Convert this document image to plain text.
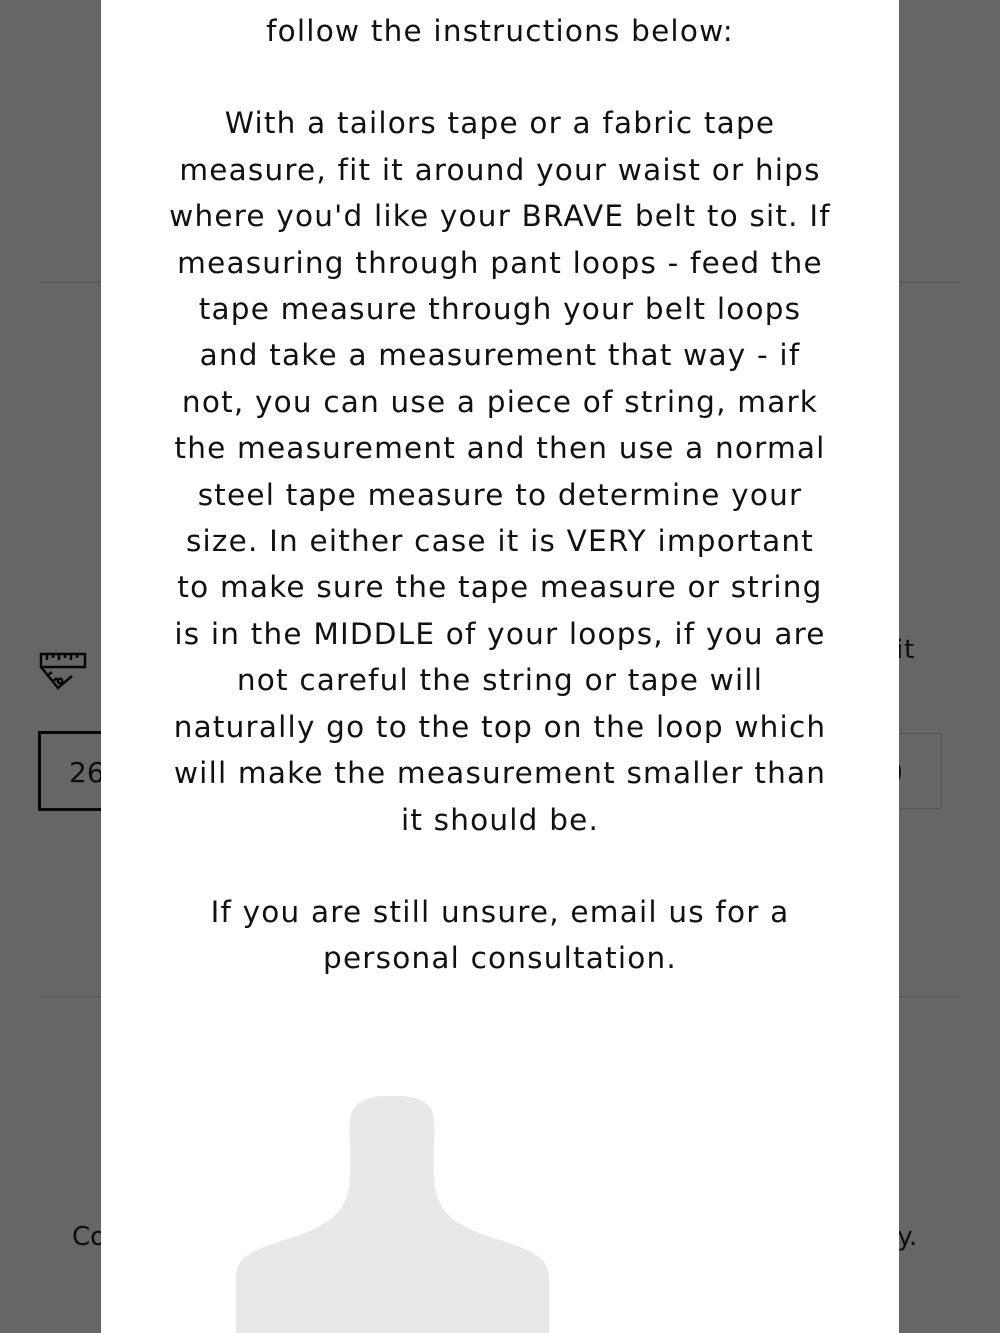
follow the instructions below:

With a tailors tape or a fabric tape measure, fit it around your waist or hips where you'd like your BRAVE belt to sit. If measuring through pant loops - feed the tape measure through your belt loops and take a measurement that way - if not, you can use a piece of string, mark the measurement and then use a normal steel tape measure to determine your size. In either case it is VERY important to make sure the tape measure or string is in the MIDDLE of your loops, if you are not careful the string or tape will naturally go to the top on the loop which will make the measurement smaller than it should be.

If you are still unsure, email us for a personal consultation.
